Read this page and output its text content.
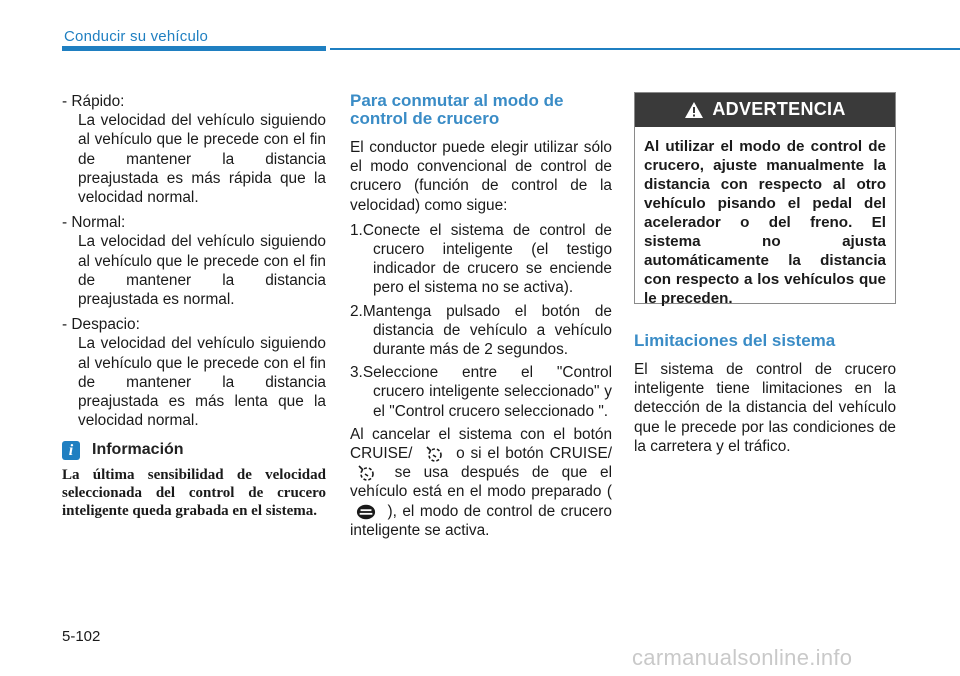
Conducir su vehículo
- Rápido:
La velocidad del vehículo siguiendo al vehículo que le precede con el fin de mantener la distancia preajustada es más rápida que la velocidad normal.
- Normal:
La velocidad del vehículo siguiendo al vehículo que le precede con el fin de mantener la distancia preajustada es normal.
- Despacio:
La velocidad del vehículo siguiendo al vehículo que le precede con el fin de mantener la distancia preajustada es más lenta que la velocidad normal.
i	Información
La última sensibilidad de velocidad seleccionada del control de crucero inteligente queda grabada en el sistema.
Para conmutar al modo de control de crucero
El conductor puede elegir utilizar sólo el modo convencional de control de crucero (función de control de la velocidad) como sigue:
1.Conecte el sistema de control de
crucero inteligente (el testigo indicador de crucero se enciende pero el sistema no se activa).
2.Mantenga pulsado el botón de
distancia de vehículo a vehículo durante más de 2 segundos.
3.Seleccione entre el "Control
crucero inteligente seleccionado" y el "Control crucero seleccionado ".
Al cancelar el sistema con el botón CRUISE/	o si el botón CRUISE/  se usa después de que el vehículo está en el modo preparado (  ), el modo de control de crucero inteligente se activa.
ADVERTENCIA
Al utilizar el modo de control de crucero, ajuste manualmente la distancia con respecto al otro vehículo pisando el pedal del acelerador o del freno. El sistema no ajusta automáticamente la distancia con respecto a los vehículos que le preceden.
Limitaciones del sistema
El sistema de control de crucero inteligente tiene limitaciones en la detección de la distancia del vehículo que le precede por las condiciones de la carretera y el tráfico.
5-102
carmanualsonline.info
